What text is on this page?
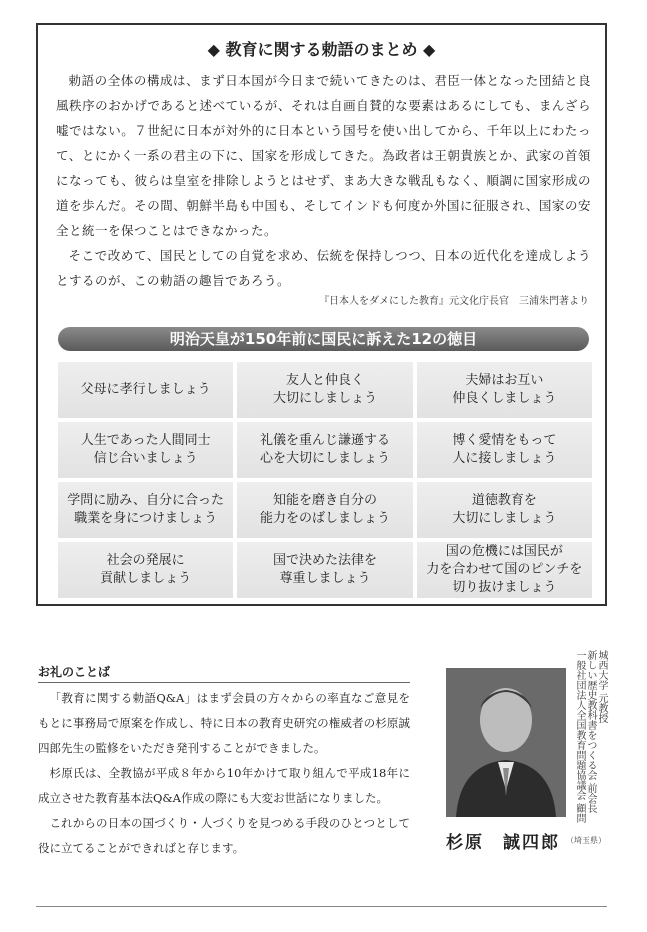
◆ 教育に関する勅語のまとめ ◆

勅語の全体の構成は、まず日本国が今日まで続いてきたのは、君臣一体となった団結と良風秩序のおかげであると述べているが、それは自画自賛的な要素はあるにしても、まんざら嘘ではない。７世紀に日本が対外的に日本という国号を使い出してから、千年以上にわたって、とにかく一系の君主の下に、国家を形成してきた。為政者は王朝貴族とか、武家の首領になっても、彼らは皇室を排除しようとはせず、まあ大きな戦乱もなく、順調に国家形成の道を歩んだ。その間、朝鮮半島も中国も、そしてインドも何度か外国に征服され、国家の安全と統一を保つことはできなかった。

そこで改めて、国民としての自覚を求め、伝統を保持しつつ、日本の近代化を達成しようとするのが、この勅語の趣旨であろう。

『日本人をダメにした教育』元文化庁長官　三浦朱門著より
明治天皇が150年前に国民に訴えた12の徳目
父母に孝行しましょう
友人と仲良く
大切にしましょう
夫婦はお互い
仲良くしましょう
人生であった人間同士
信じ合いましょう
礼儀を重んじ謙遜する
心を大切にしましょう
博く愛情をもって
人に接しましょう
学問に励み、自分に合った
職業を身につけましょう
知能を磨き自分の
能力をのばしましょう
道徳教育を
大切にしましょう
社会の発展に
貢献しましょう
国で決めた法律を
尊重しましょう
国の危機には国民が
力を合わせて国のピンチを
切り抜けましょう
お礼のことば

「教育に関する勅語Q&A」はまず会員の方々からの率直なご意見をもとに事務局で原案を作成し、特に日本の教育史研究の権威者の杉原誠四郎先生の監修をいただき発刊することができました。

杉原氏は、全教協が平成８年から10年かけて取り組んで平成18年に成立させた教育基本法Q&A作成の際にも大変お世話になりました。

これからの日本の国づくり・人づくりを見つめる手段のひとつとして役に立てることができればと存じます。

城西大学 元教授
新しい歴史教科書をつくる会 前会長
一般社団法人全国教育問題協議会 顧問
杉原　誠四郎 （埼玉県）
